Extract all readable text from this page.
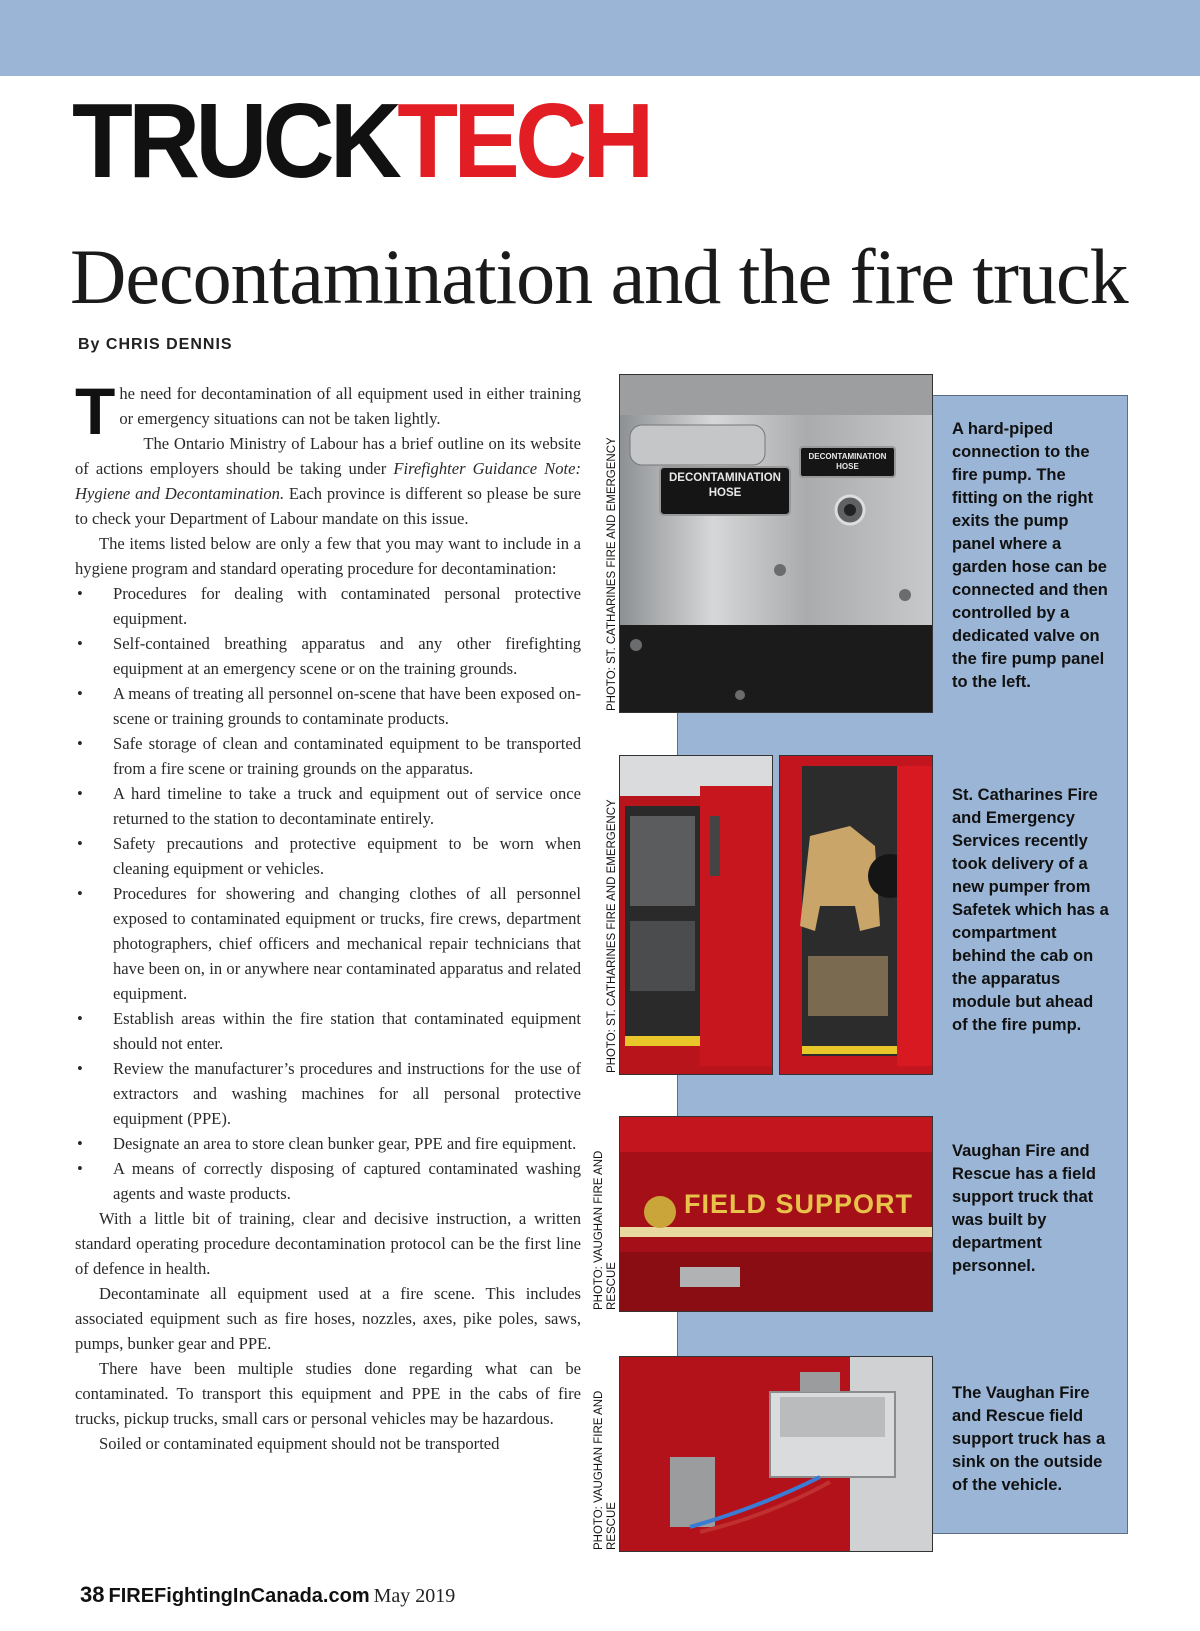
TRUCKTECH
Decontamination and the fire truck
By CHRIS DENNIS

The need for decontamination of all equipment used in either training or emergency situations can not be taken lightly.

The Ontario Ministry of Labour has a brief outline on its website of actions employers should be taking under Firefighter Guidance Note: Hygiene and Decontamination. Each province is different so please be sure to check your Department of Labour mandate on this issue.

The items listed below are only a few that you may want to include in a hygiene program and standard operating procedure for decontamination:

• Procedures for dealing with contaminated personal protective equipment.
• Self-contained breathing apparatus and any other firefighting equipment at an emergency scene or on the training grounds.
• A means of treating all personnel on-scene that have been exposed on-scene or training grounds to contaminate products.
• Safe storage of clean and contaminated equipment to be transported from a fire scene or training grounds on the apparatus.
• A hard timeline to take a truck and equipment out of service once returned to the station to decontaminate entirely.
• Safety precautions and protective equipment to be worn when cleaning equipment or vehicles.
• Procedures for showering and changing clothes of all personnel exposed to contaminated equipment or trucks, fire crews, department photographers, chief officers and mechanical repair technicians that have been on, in or anywhere near contaminated apparatus and related equipment.
• Establish areas within the fire station that contaminated equipment should not enter.
• Review the manufacturer’s procedures and instructions for the use of extractors and washing machines for all personal protective equipment (PPE).
• Designate an area to store clean bunker gear, PPE and fire equipment.
• A means of correctly disposing of captured contaminated washing agents and waste products.

With a little bit of training, clear and decisive instruction, a written standard operating procedure decontamination protocol can be the first line of defence in health.

Decontaminate all equipment used at a fire scene. This includes associated equipment such as fire hoses, nozzles, axes, pike poles, saws, pumps, bunker gear and PPE.

There have been multiple studies done regarding what can be contaminated. To transport this equipment and PPE in the cabs of fire trucks, pickup trucks, small cars or personal vehicles may be hazardous.

Soiled or contaminated equipment should not be transported

DECONTAMINATION HOSE
DECONTAMINATION HOSE
FIELD SUPPORT
A hard-piped connection to the fire pump. The fitting on the right exits the pump panel where a garden hose can be connected and then controlled by a dedicated valve on the fire pump panel to the left.
St. Catharines Fire and Emergency Services recently took delivery of a new pumper from Safetek which has a compartment behind the cab on the apparatus module but ahead of the fire pump.
Vaughan Fire and Rescue has a field support truck that was built by department personnel.
The Vaughan Fire and Rescue field support truck has a sink on the outside of the vehicle.
PHOTO: ST. CATHARINES FIRE AND EMERGENCY
PHOTO: ST. CATHARINES FIRE AND EMERGENCY
PHOTO: VAUGHAN FIRE AND RESCUE
PHOTO: VAUGHAN FIRE AND RESCUE
38 FIREFightingInCanada.com May 2019
